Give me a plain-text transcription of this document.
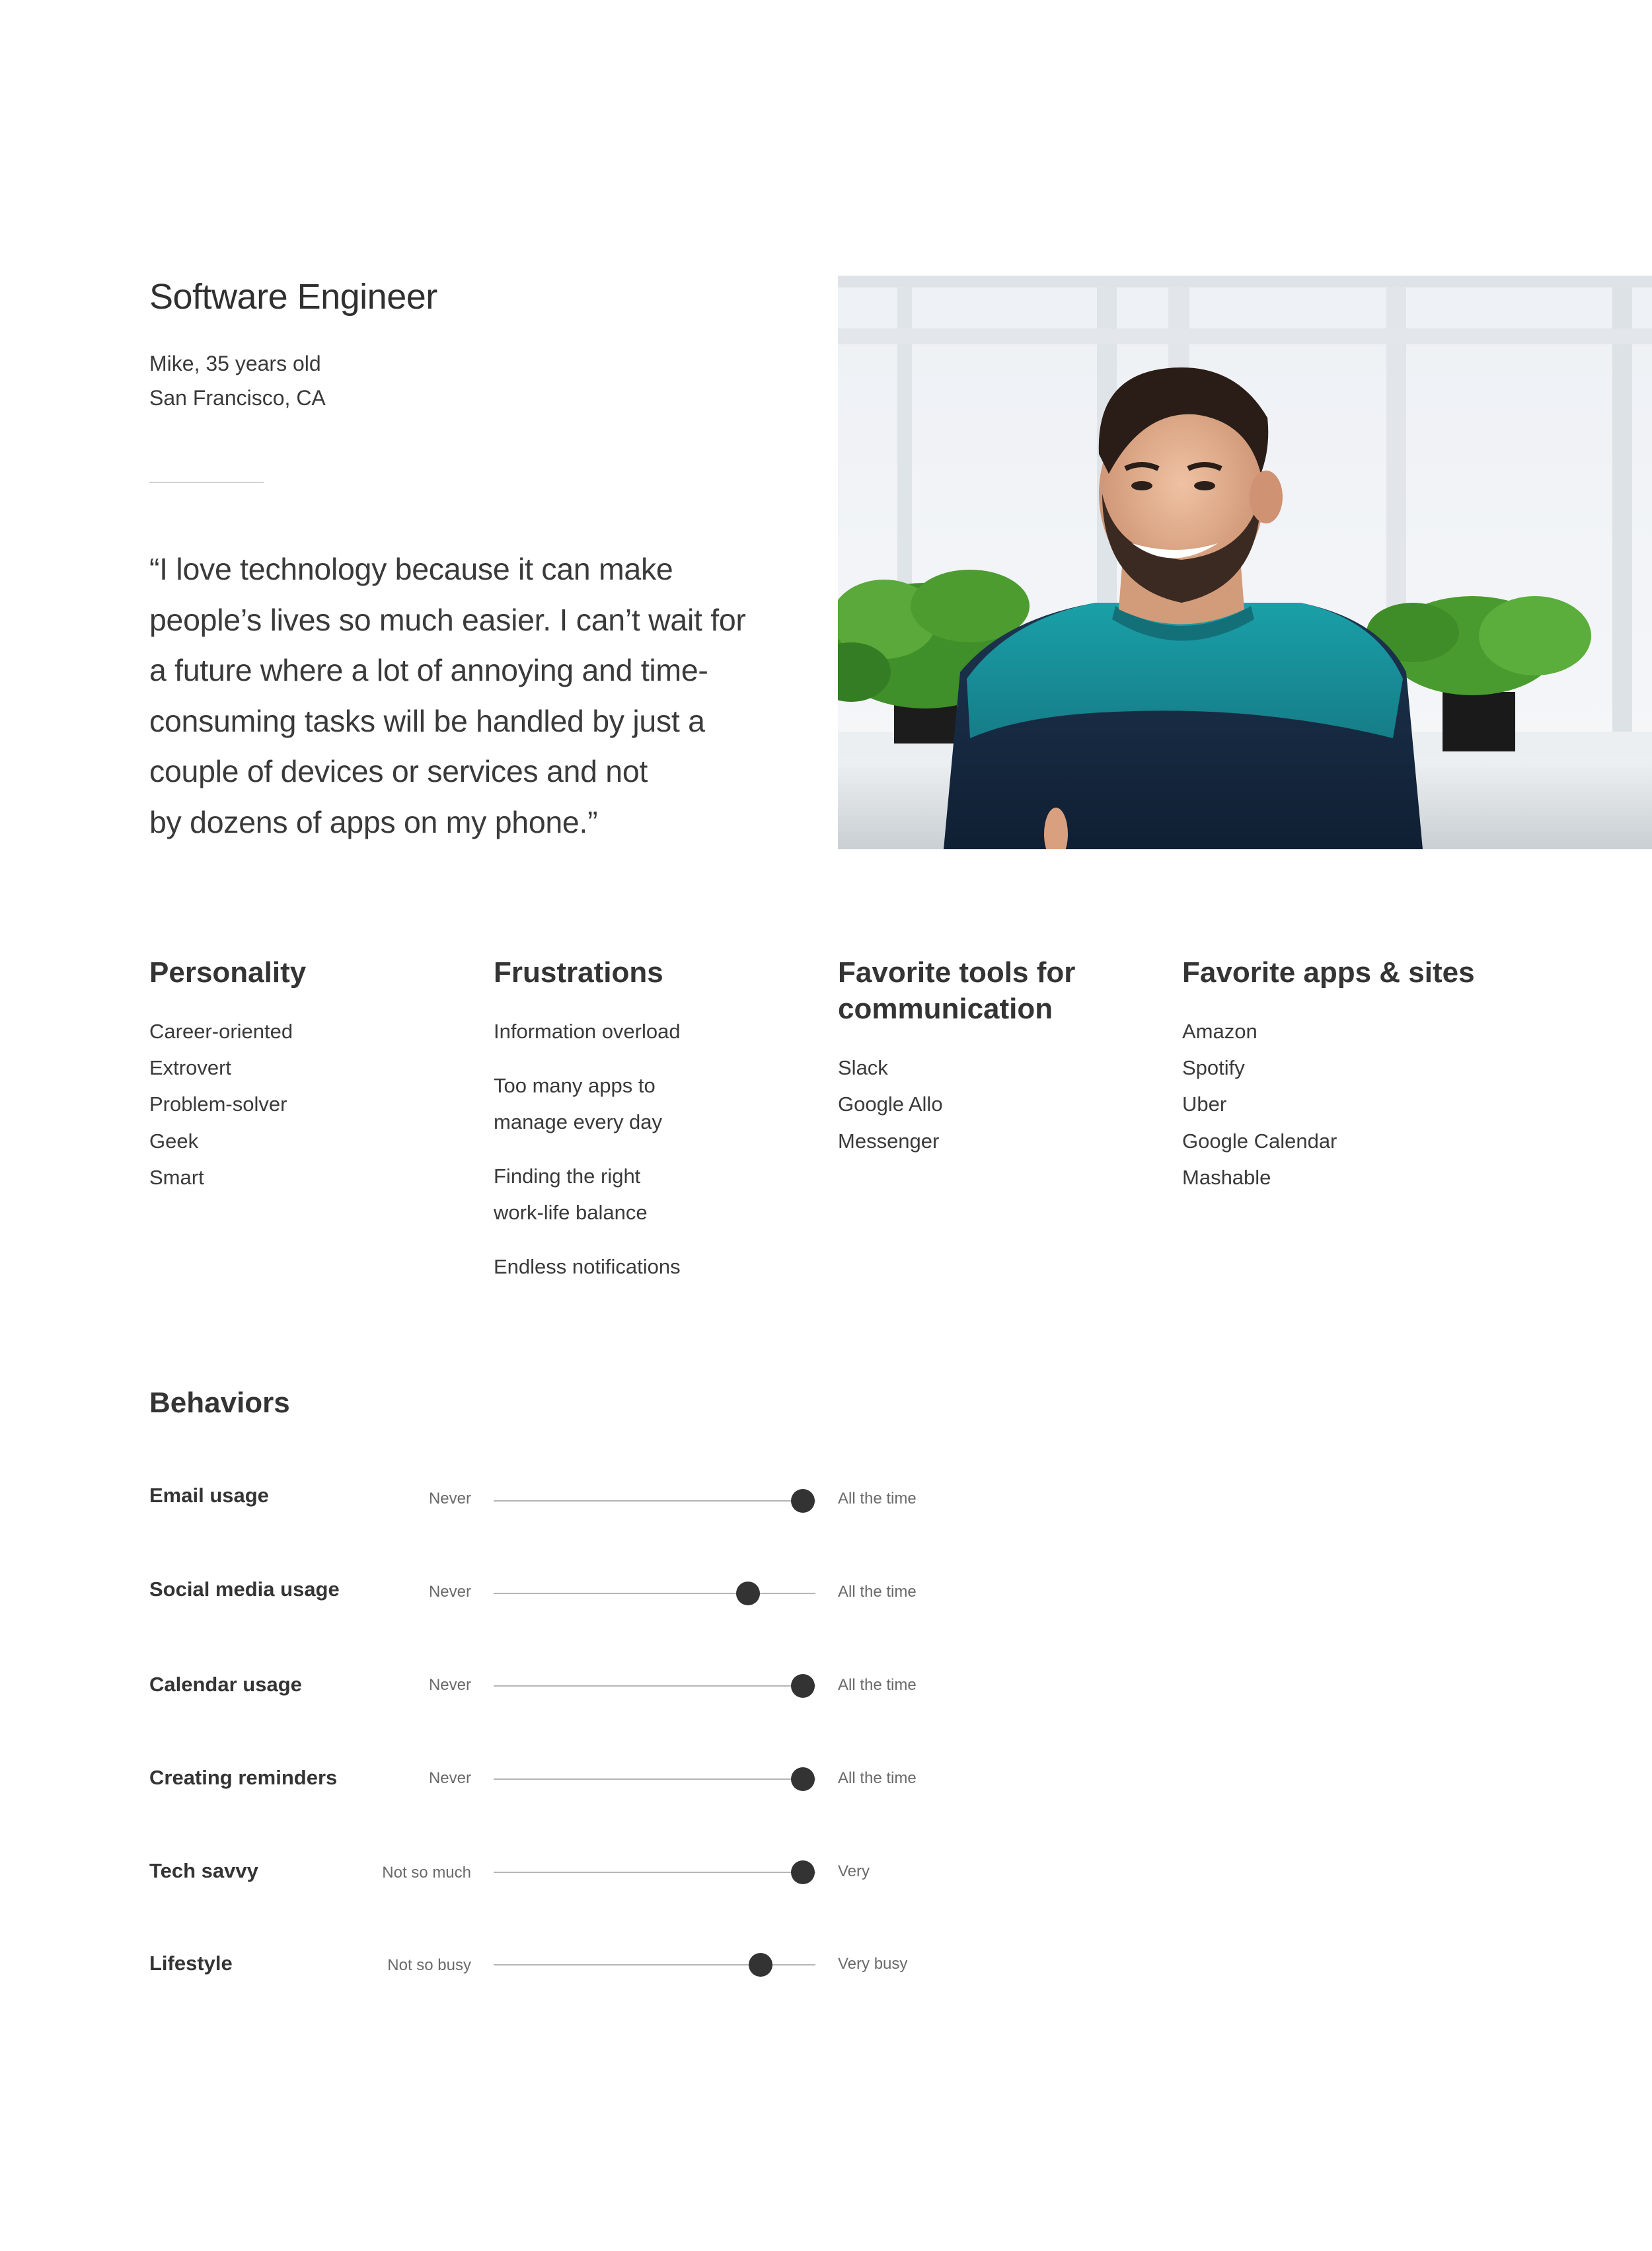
Software Engineer
Mike, 35 years old
San Francisco, CA
“I love technology because it can make
people’s lives so much easier. I can’t wait for
a future where a lot of annoying and time-
consuming tasks will be handled by just a
couple of devices or services and not
by dozens of apps on my phone.”
Personality
Career-oriented
Extrovert
Problem-solver
Geek
Smart
Frustrations
Information overload
Too many apps to
manage every day
Finding the right
work-life balance
Endless notifications
Favorite tools for
communication
Slack
Google Allo
Messenger
Favorite apps & sites
Amazon
Spotify
Uber
Google Calendar
Mashable
Behaviors
Email usage	Never	All the time
Social media usage	Never	All the time
Calendar usage	Never	All the time
Creating reminders	Never	All the time
Tech savvy	Not so much	Very
Lifestyle	Not so busy	Very busy
